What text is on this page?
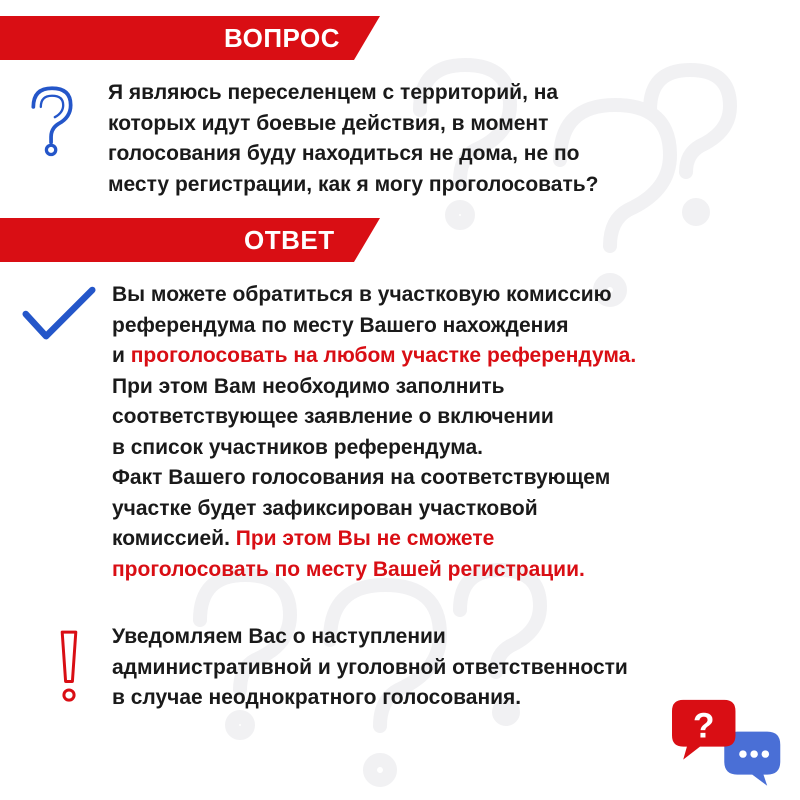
ВОПРОС
Я являюсь переселенцем с территорий, на
которых идут боевые действия, в момент
голосования буду находиться не дома, не по
месту регистрации, как я могу проголосовать?
ОТВЕТ
Вы можете обратиться в участковую комиссию
референдума по месту Вашего нахождения
и проголосовать на любом участке референдума.
При этом Вам необходимо заполнить
соответствующее заявление о включении
в список участников референдума.
Факт Вашего голосования на соответствующем
участке будет зафиксирован участковой
комиссией. При этом Вы не сможете
проголосовать по месту Вашей регистрации.
Уведомляем Вас о наступлении
административной и уголовной ответственности
в случае неоднократного голосования.
?
